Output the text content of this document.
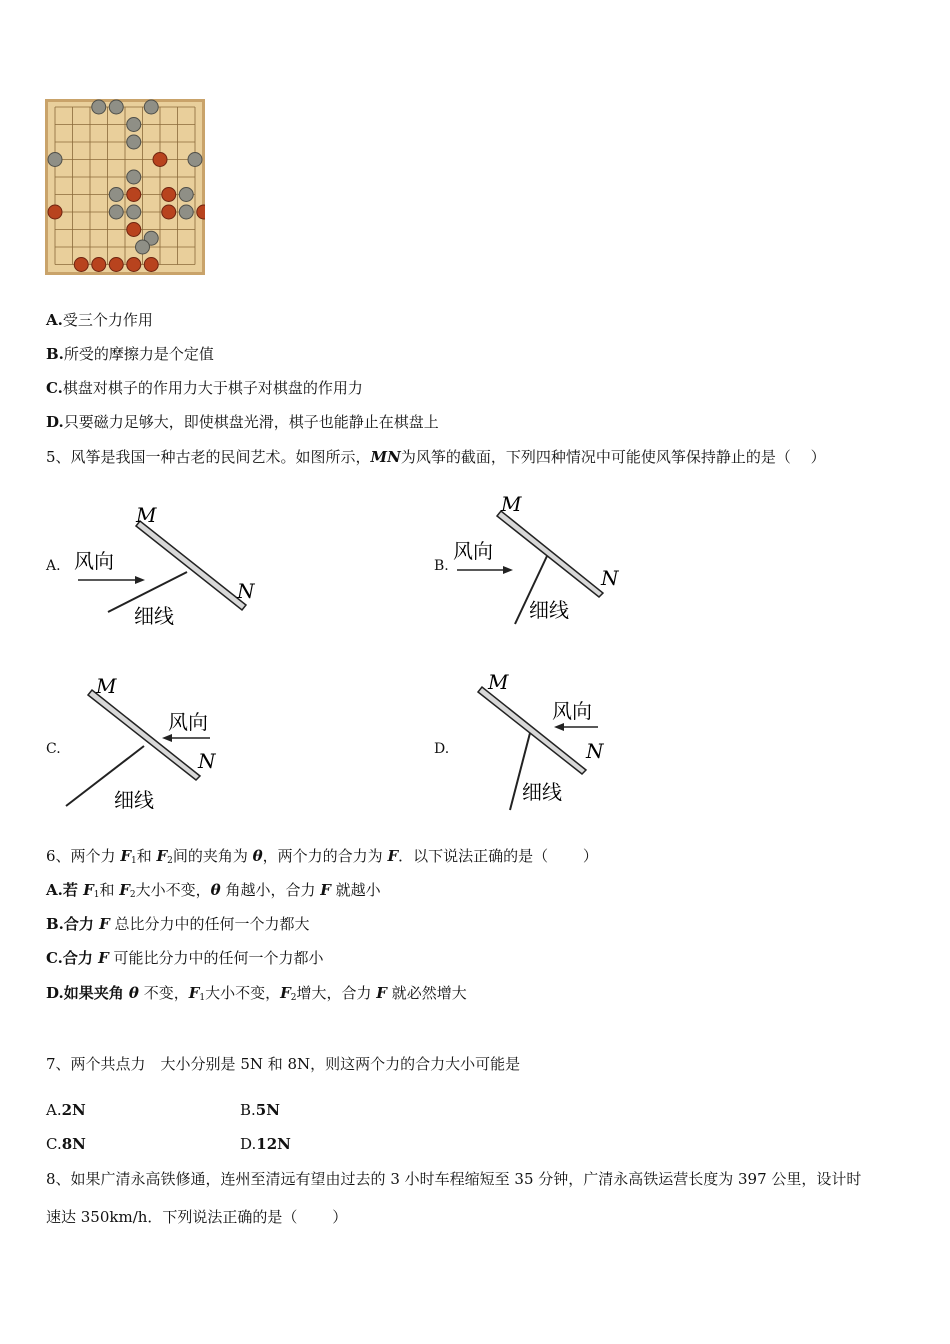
A.受三个力作用
B.所受的摩擦力是个定值
C.棋盘对棋子的作用力大于棋子对棋盘的作用力
D.只要磁力足够大，即使棋盘光滑，棋子也能静止在棋盘上
5、风筝是我国一种古老的民间艺术。如图所示，MN为风筝的截面，下列四种情况中可能使风筝保持静止的是（　 ）
A.
M
N
风向
细线
B.
M
N
风向
细线
C.
M
N
风向
细线
D.
M
N
风向
细线
6、两个力 $F_1$和 $F_2$间的夹角为 θ，两个力的合力为 F．以下说法正确的是（　　 ）
A.若 $F_1$和 $F_2$大小不变，θ 角越小，合力 F 就越小
B.合力 F 总比分力中的任何一个力都大
C.合力 F 可能比分力中的任何一个力都小
D.如果夹角 θ 不变，$F_1$大小不变，$F_2$增大，合力 F 就必然增大
7、两个共点力　大小分别是 5N 和 8N，则这两个力的合力大小可能是
A.2N	B.5N
C.8N	D.12N
8、如果广清永高铁修通，连州至清远有望由过去的 3 小时车程缩短至 35 分钟，广清永高铁运营长度为 397 公里，设计时
速达 350km/h．下列说法正确的是（　　 ）
